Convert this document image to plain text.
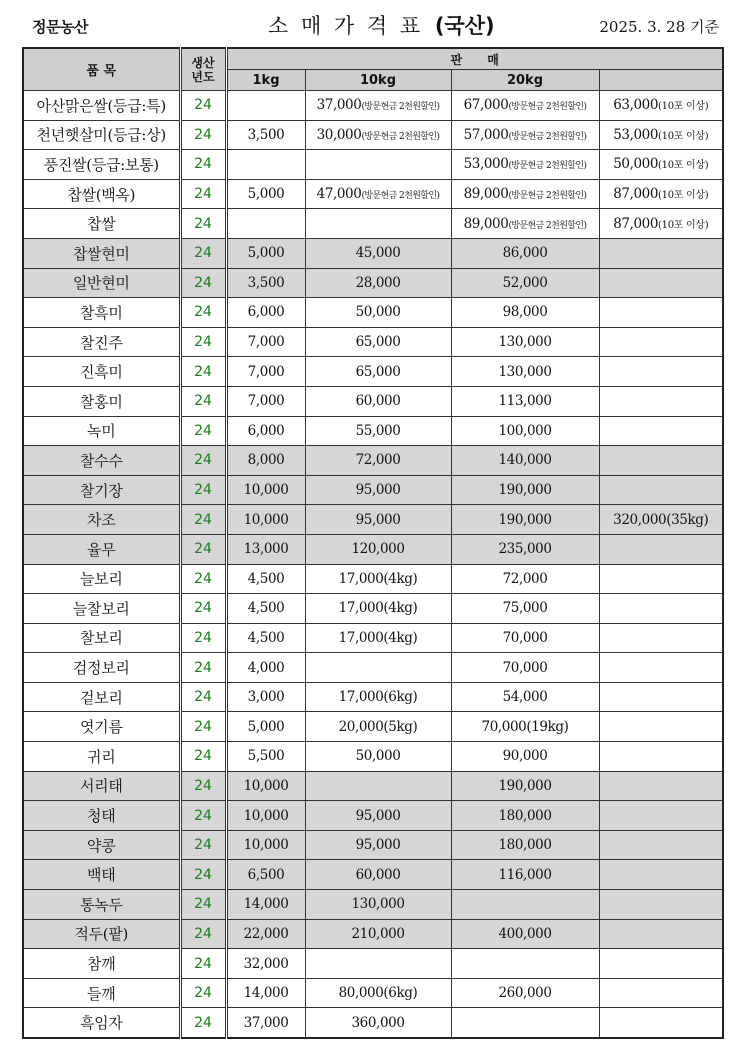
정문농산	소 매 가 격 표 (국산)	2025. 3. 28 기준
품 목	생산
년도	판      매			
		1kg	10kg	20kg	
아산맑은쌀(등급:특)	24		37,000(방문현금 2천원할인)	67,000(방문현금 2천원할인)	63,000(10포 이상)
천년햇살미(등급:상)	24	3,500	30,000(방문현금 2천원할인)	57,000(방문현금 2천원할인)	53,000(10포 이상)
풍진쌀(등급:보통)	24			53,000(방문현금 2천원할인)	50,000(10포 이상)
찹쌀(백옥)	24	5,000	47,000(방문현금 2천원할인)	89,000(방문현금 2천원할인)	87,000(10포 이상)
찹쌀	24			89,000(방문현금 2천원할인)	87,000(10포 이상)
찹쌀현미	24	5,000	45,000	86,000	
일반현미	24	3,500	28,000	52,000	
찰흑미	24	6,000	50,000	98,000	
찰진주	24	7,000	65,000	130,000	
진흑미	24	7,000	65,000	130,000	
찰홍미	24	7,000	60,000	113,000	
녹미	24	6,000	55,000	100,000	
찰수수	24	8,000	72,000	140,000	
찰기장	24	10,000	95,000	190,000	
차조	24	10,000	95,000	190,000	320,000(35kg)
율무	24	13,000	120,000	235,000	
늘보리	24	4,500	17,000(4kg)	72,000	
늘찰보리	24	4,500	17,000(4kg)	75,000	
찰보리	24	4,500	17,000(4kg)	70,000	
검정보리	24	4,000		70,000	
겉보리	24	3,000	17,000(6kg)	54,000	
엿기름	24	5,000	20,000(5kg)	70,000(19kg)	
귀리	24	5,500	50,000	90,000	
서리태	24	10,000		190,000	
청태	24	10,000	95,000	180,000	
약콩	24	10,000	95,000	180,000	
백태	24	6,500	60,000	116,000	
통녹두	24	14,000	130,000		
적두(팥)	24	22,000	210,000	400,000	
참깨	24	32,000			
들깨	24	14,000	80,000(6kg)	260,000	
흑임자	24	37,000	360,000		
